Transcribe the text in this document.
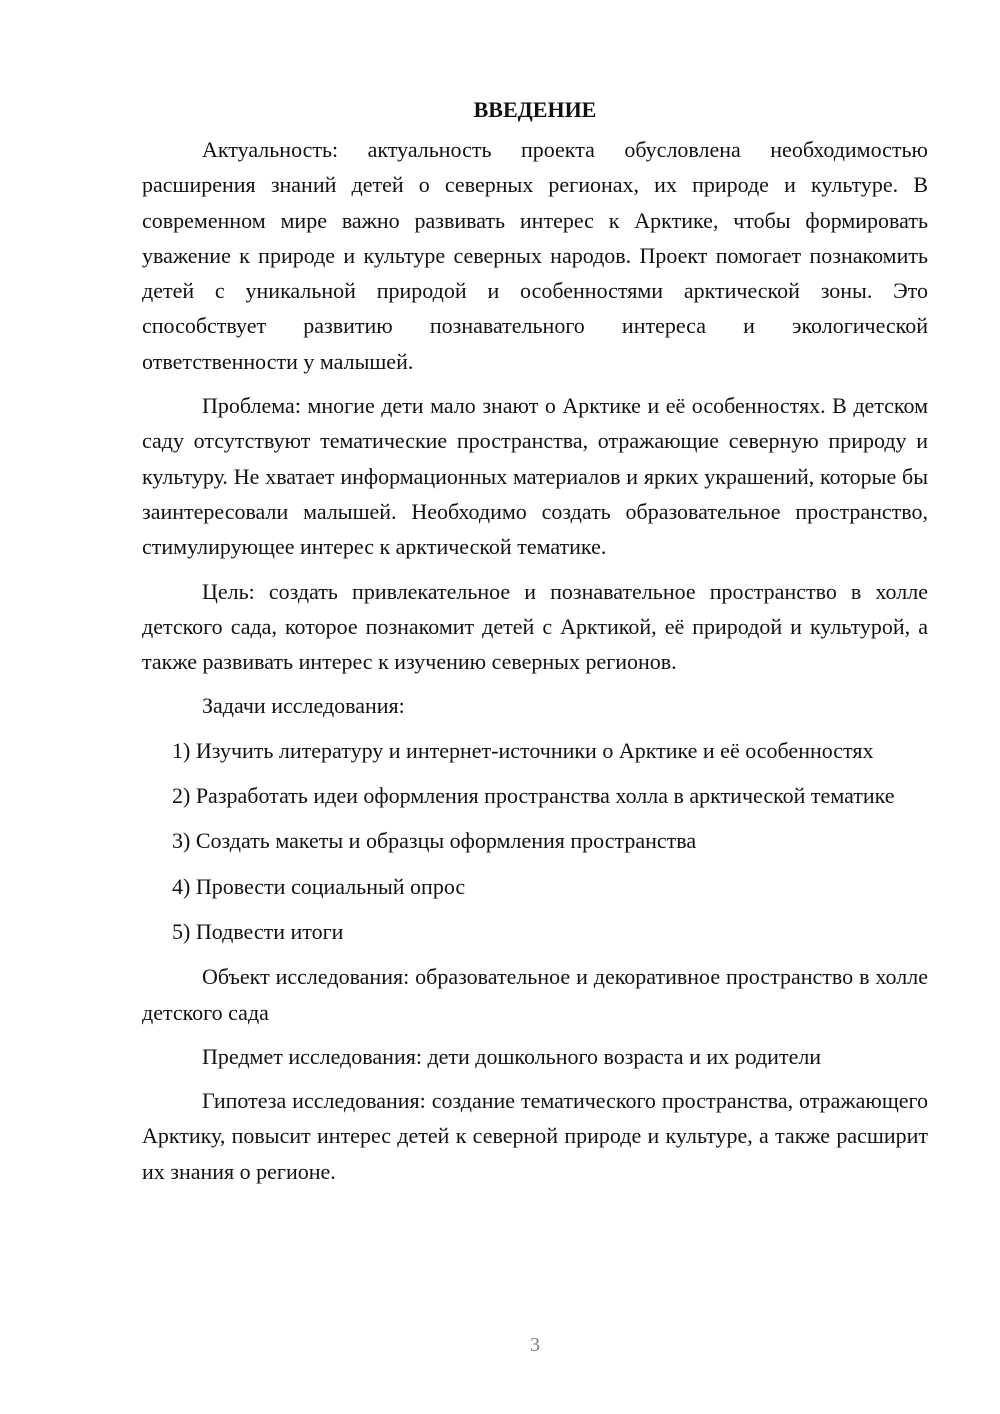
ВВЕДЕНИЕ

Актуальность: актуальность проекта обусловлена необходимостью расширения знаний детей о северных регионах, их природе и культуре. В современном мире важно развивать интерес к Арктике, чтобы формировать уважение к природе и культуре северных народов. Проект помогает познакомить детей с уникальной природой и особенностями арктической зоны. Это способствует развитию познавательного интереса и экологической ответственности у малышей.

Проблема: многие дети мало знают о Арктике и её особенностях. В детском саду отсутствуют тематические пространства, отражающие северную природу и культуру. Не хватает информационных материалов и ярких украшений, которые бы заинтересовали малышей. Необходимо создать образовательное пространство, стимулирующее интерес к арктической тематике.

Цель: создать привлекательное и познавательное пространство в холле детского сада, которое познакомит детей с Арктикой, её природой и культурой, а также развивать интерес к изучению северных регионов.

Задачи исследования:

1) Изучить литературу и интернет-источники о Арктике и её особенностях

2) Разработать идеи оформления пространства холла в арктической тематике

3) Создать макеты и образцы оформления пространства

4) Провести социальный опрос

5) Подвести итоги

Объект исследования: образовательное и декоративное пространство в холле детского сада

Предмет исследования: дети дошкольного возраста и их родители

Гипотеза исследования: создание тематического пространства, отражающего Арктику, повысит интерес детей к северной природе и культуре, а также расширит их знания о регионе.

3
